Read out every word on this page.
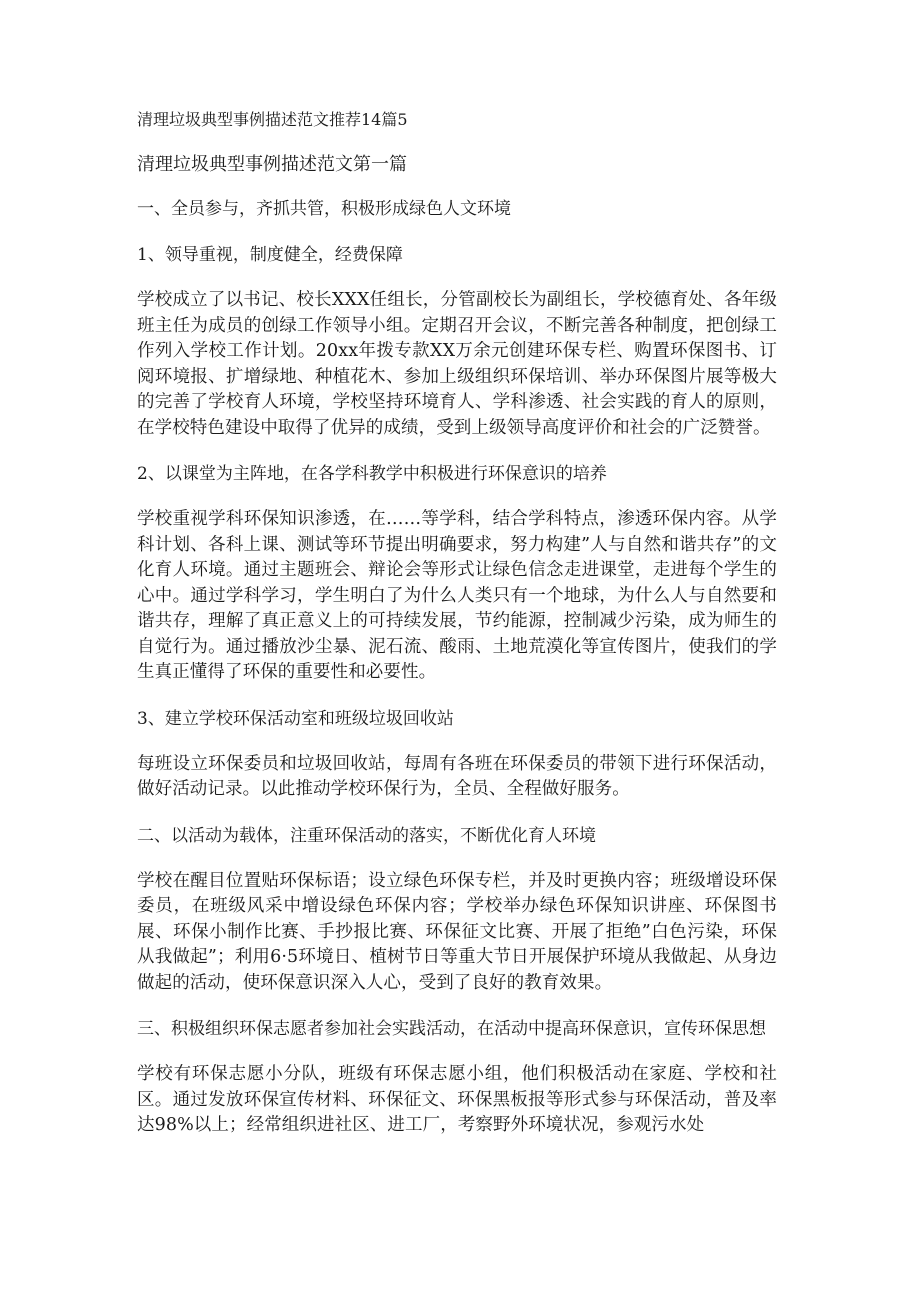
清理垃圾典型事例描述范文推荐14篇5
清理垃圾典型事例描述范文第一篇

一、全员参与，齐抓共管，积极形成绿色人文环境

1、领导重视，制度健全，经费保障

学校成立了以书记、校长XXX任组长，分管副校长为副组长，学校德育处、各年级班主任为成员的创绿工作领导小组。定期召开会议，不断完善各种制度，把创绿工作列入学校工作计划。20xx年拨专款XX万余元创建环保专栏、购置环保图书、订阅环境报、扩增绿地、种植花木、参加上级组织环保培训、举办环保图片展等极大的完善了学校育人环境，学校坚持环境育人、学科渗透、社会实践的育人的原则，在学校特色建设中取得了优异的成绩，受到上级领导高度评价和社会的广泛赞誉。

2、以课堂为主阵地，在各学科教学中积极进行环保意识的培养

学校重视学科环保知识渗透，在……等学科，结合学科特点，渗透环保内容。从学科计划、各科上课、测试等环节提出明确要求，努力构建”人与自然和谐共存”的文化育人环境。通过主题班会、辩论会等形式让绿色信念走进课堂，走进每个学生的心中。通过学科学习，学生明白了为什么人类只有一个地球，为什么人与自然要和谐共存，理解了真正意义上的可持续发展，节约能源，控制减少污染，成为师生的自觉行为。通过播放沙尘暴、泥石流、酸雨、土地荒漠化等宣传图片，使我们的学生真正懂得了环保的重要性和必要性。

3、建立学校环保活动室和班级垃圾回收站

每班设立环保委员和垃圾回收站，每周有各班在环保委员的带领下进行环保活动，做好活动记录。以此推动学校环保行为，全员、全程做好服务。

二、以活动为载体，注重环保活动的落实，不断优化育人环境

学校在醒目位置贴环保标语；设立绿色环保专栏，并及时更换内容；班级增设环保委员，在班级风采中增设绿色环保内容；学校举办绿色环保知识讲座、环保图书展、环保小制作比赛、手抄报比赛、环保征文比赛、开展了拒绝”白色污染，环保从我做起”；利用6·5环境日、植树节日等重大节日开展保护环境从我做起、从身边做起的活动，使环保意识深入人心，受到了良好的教育效果。

三、积极组织环保志愿者参加社会实践活动，在活动中提高环保意识，宣传环保思想

学校有环保志愿小分队，班级有环保志愿小组，他们积极活动在家庭、学校和社区。通过发放环保宣传材料、环保征文、环保黑板报等形式参与环保活动，普及率达98%以上；经常组织进社区、进工厂，考察野外环境状况，参观污水处
